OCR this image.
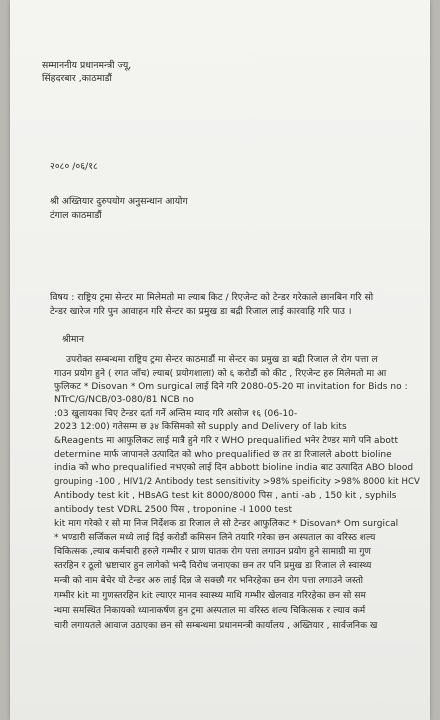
सम्माननीय प्रधानमन्त्री ज्यू,
सिंहदरबार ,काठमाडौं
२०८० /०६/१८
श्री अख्तियार दुरुपयोग अनुसन्धान आयोग
टंगाल काठमाडौं
विषय : राष्ट्रिय ट्रमा सेन्टर मा मिलेमतो मा ल्याब किट / रिएजेन्ट को टेन्डर गरेकाले छानबिन गरि सो
टेन्डर खारेज गरि पुन आवाहन गरि सेन्टर का प्रमुख डा बद्री रिजाल लाई कारवाहि गरि पाउ ।
श्रीमान
उपरोक्त सम्बन्धमा राष्ट्रिय ट्रमा सेन्टर काठमाडौं मा सेन्टर का प्रमुख डा बद्री रिजाल ले रोग पत्ता ल
गाउन प्रयोग हुने ( रगत जाँच) ल्याब( प्रयोगशाला) को ६ करोडौं को कीट , रिएजेन्ट हरु मिलेमतो मा आ
फुलिकट * Disovan * Om surgical लाई दिने गरि 2080-05-20 मा invitation for Bids no :
NTrC/G/NCB/03-080/81 NCB no
:03 खुलायका चिए टेन्डर दर्ता गर्ने अन्तिम म्याद गरि असोज १६ (06-10-
2023 12:00) गतेसम्म छ ३४ किसिमको सो supply and Delivery of lab kits
&Reagents मा आफुलिकट लाई मात्रै हुने गरि र WHO prequalified भनेर टेण्डर मागे पनि abott
determine मार्फ जापानले उत्पादित को who prequalified छ तर डा रिजालले abott bioline
india को who prequalified नभएको लाई दिन abbott bioline india बाट उत्पादित ABO blood
grouping -100 , HIV1/2 Antibody test sensitivity >98% speificity >98% 8000 kit HCV
Antibody test kit , HBsAG test kit 8000/8000 पिस , anti -ab , 150 kit , syphils
antibody test VDRL 2500 पिस , troponine -I 1000 test
kit माग गरेको र सो मा निज निर्देशक डा रिजाल ले सो टेन्डर आफुलिकट * Disovan* Om surgical
* भण्डारी सर्जिकल मध्ये लाई दिई करोडौं कमिसन लिने तयारि गरेका छन अस्पताल का वरिस्ठ शल्य
चिकित्सक ,ल्याब कर्मचारी हरुले गम्भीर र प्राण घातक रोग पत्ता लगाउन प्रयोग हुने सामाग्री मा गुण
स्तरहिन र ठूलो भ्रष्टाचार हुन लागेको भन्दै विरोध जनाएका छन तर पनि प्रमुख डा रिजाल ले स्वास्थ्य
मन्त्री को नाम बेचेर यो टेन्डर अरु लाई दिन्न जे सक्छौ गर भनिरहेका छन रोग पत्ता लगाउने जस्तो
गम्भीर kit मा गुणस्तरहिन kit ल्याएर मानव स्वास्थ्य माथि गम्भीर खेलवाड गरिरहेका छन सो सम
न्धमा समस्थित निकायको ध्यानाकर्षण हुन ट्रमा अस्पताल मा वरिस्ठ शल्य चिकित्सक र ल्याव कर्म
चारी लगायतले आवाज उठाएका छन सो सम्बन्धमा प्रधानमन्त्री कार्यालय , अख्तियार , सार्वजनिक ख
